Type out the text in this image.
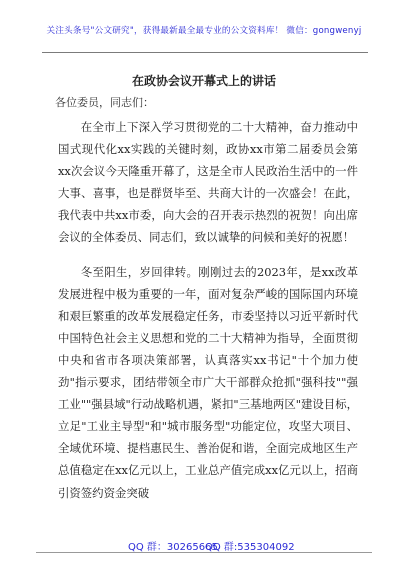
关注头条号"公文研究"，获得最新最全最专业的公文资料库！ 微信：gongwenyj
在政协会议开幕式上的讲话
各位委员，同志们：

在全市上下深入学习贯彻党的二十大精神，奋力推动中国式现代化xx实践的关键时刻，政协xx市第二届委员会第xx次会议今天隆重开幕了，这是全市人民政治生活中的一件大事、喜事，也是群贤毕至、共商大计的一次盛会！在此，我代表中共xx市委，向大会的召开表示热烈的祝贺！向出席会议的全体委员、同志们，致以诚挚的问候和美好的祝愿！

冬至阳生，岁回律转。刚刚过去的2023年，是xx改革发展进程中极为重要的一年，面对复杂严峻的国际国内环境和艰巨繁重的改革发展稳定任务，市委坚持以习近平新时代中国特色社会主义思想和党的二十大精神为指导，全面贯彻中央和省市各项决策部署，认真落实xx书记"十个加力使劲"指示要求，团结带领全市广大干部群众抢抓"强科技""强工业""强县域"行动战略机遇，紧扣"三基地两区"建设目标，立足"工业主导型"和"城市服务型"功能定位，攻坚大项目、全域优环境、提档惠民生、善治促和谐，全面完成地区生产总值稳定在xx亿元以上，工业总产值完成xx亿元以上，招商引资签约资金突破

QQ 群：30265665
QQ 群:535304092
